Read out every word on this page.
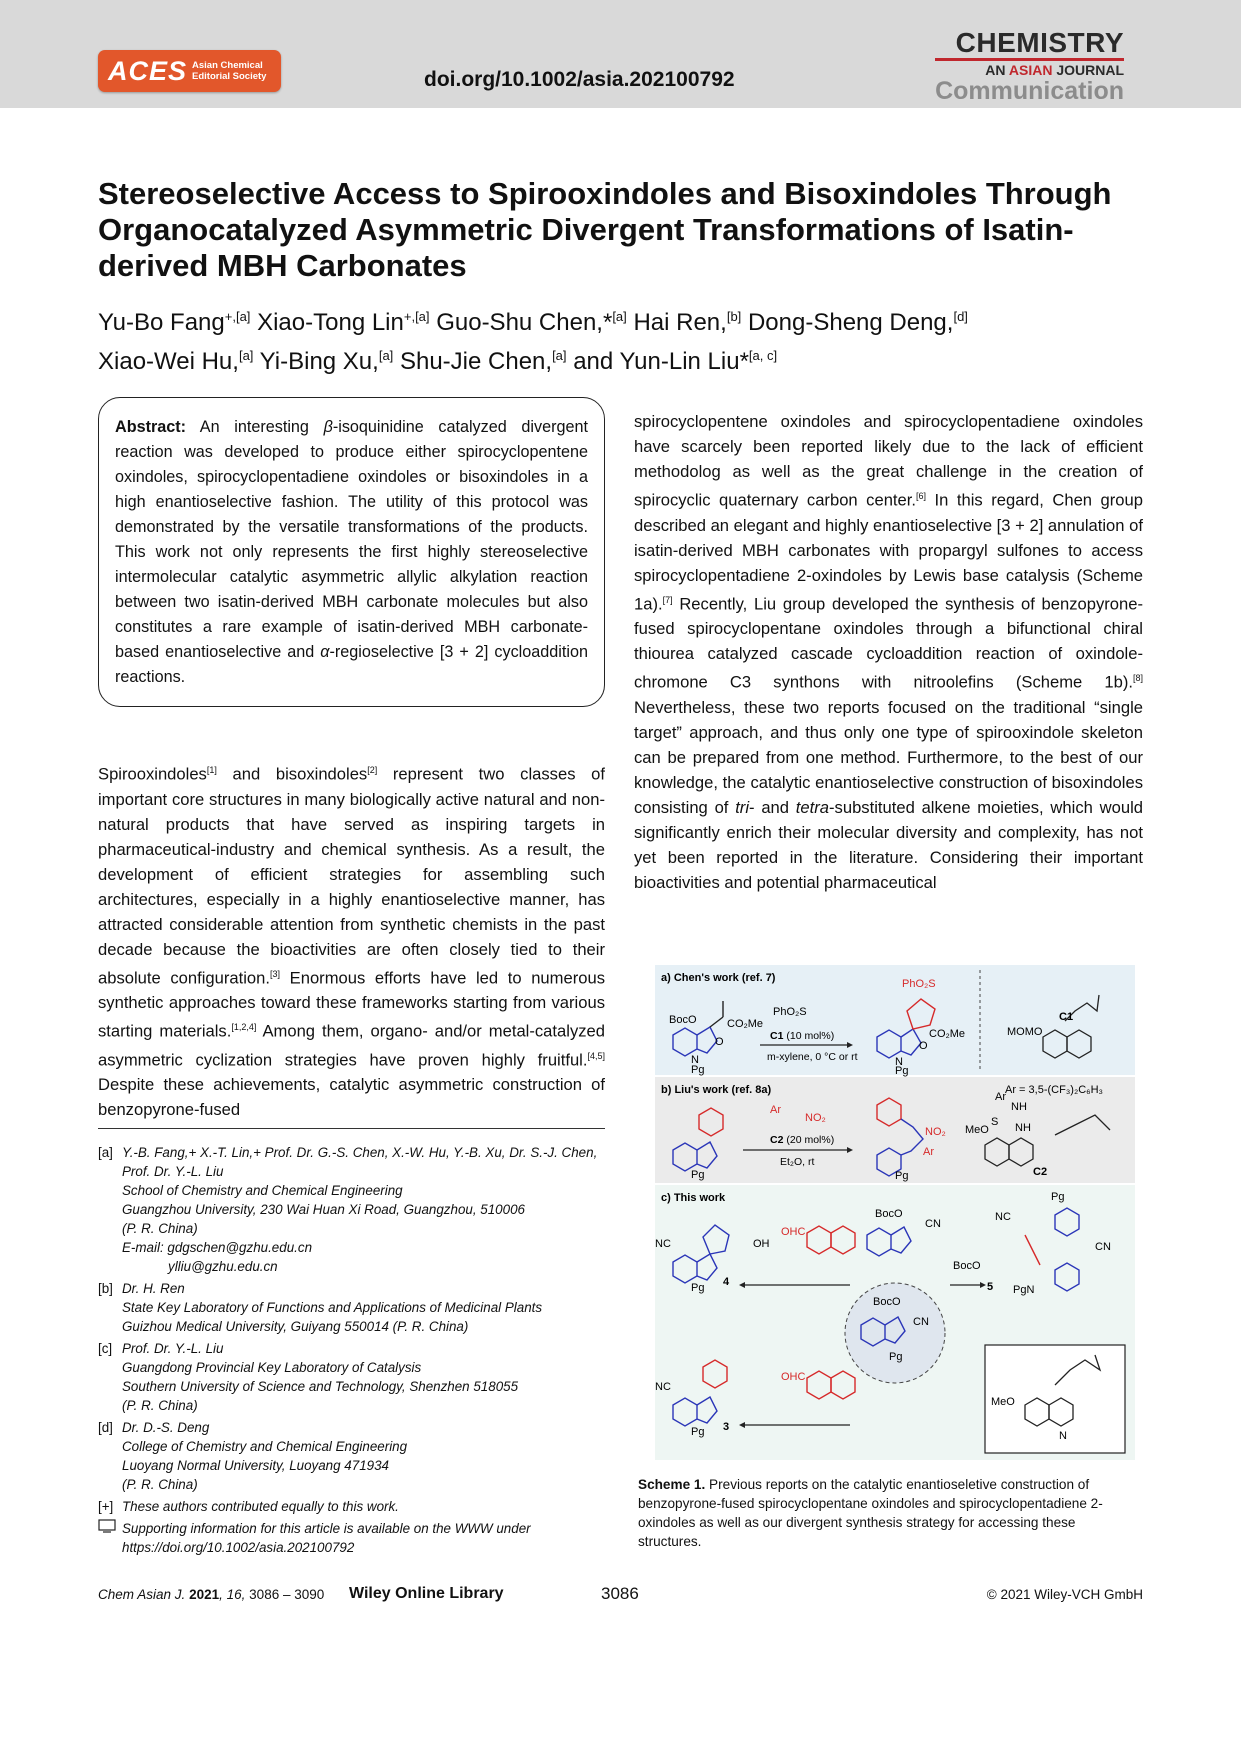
ACES Asian Chemical
Editorial Society	doi.org/10.1002/asia.202100792
CHEMISTRY
AN ASIAN JOURNAL
Communication
Stereoselective Access to Spirooxindoles and Bisoxindoles Through Organocatalyzed Asymmetric Divergent Transformations of Isatin-derived MBH Carbonates
Yu-Bo Fang$^{+,[a]}$ Xiao-Tong Lin$^{+,[a]}$ Guo-Shu Chen,*[a] Hai Ren,[b] Dong-Sheng Deng,[d]
Xiao-Wei Hu,[a] Yi-Bing Xu,[a] Shu-Jie Chen,[a] and Yun-Lin Liu*[a, c]
Abstract: An interesting β-isoquinidine catalyzed divergent reaction was developed to produce either spirocyclopentene oxindoles, spirocyclopentadiene oxindoles or bisoxindoles in a high enantioselective fashion. The utility of this protocol was demonstrated by the versatile transformations of the products. This work not only represents the first highly stereoselective intermolecular catalytic asymmetric allylic alkylation reaction between two isatin-derived MBH carbonate molecules but also constitutes a rare example of isatin-derived MBH carbonate-based enantioselective and α-regioselective [3 + 2] cycloaddition reactions.
Spirooxindoles[1] and bisoxindoles[2] represent two classes of important core structures in many biologically active natural and non-natural products that have served as inspiring targets in pharmaceutical-industry and chemical synthesis. As a result, the development of efficient strategies for assembling such architectures, especially in a highly enantioselective manner, has attracted considerable attention from synthetic chemists in the past decade because the bioactivities are often closely tied to their absolute configuration.[3] Enormous efforts have led to numerous synthetic approaches toward these frameworks starting from various starting materials.[1,2,4] Among them, organo- and/or metal-catalyzed asymmetric cyclization strategies have proven highly fruitful.[4,5] Despite these achievements, catalytic asymmetric construction of benzopyrone-fused
spirocyclopentene oxindoles and spirocyclopentadiene oxindoles have scarcely been reported likely due to the lack of efficient methodolog as well as the great challenge in the creation of spirocyclic quaternary carbon center.[6] In this regard, Chen group described an elegant and highly enantioselective [3 + 2] annulation of isatin-derived MBH carbonates with propargyl sulfones to access spirocyclopentadiene 2-oxindoles by Lewis base catalysis (Scheme 1a).[7] Recently, Liu group developed the synthesis of benzopyrone-fused spirocyclopentane oxindoles through a bifunctional chiral thiourea catalyzed cascade cycloaddition reaction of oxindole-chromone C3 synthons with nitroolefins (Scheme 1b).[8] Nevertheless, these two reports focused on the traditional “single target” approach, and thus only one type of spirooxindole skeleton can be prepared from one method. Furthermore, to the best of our knowledge, the catalytic enantioselective construction of bisoxindoles consisting of tri- and tetra-substituted alkene moieties, which would significantly enrich their molecular diversity and complexity, has not yet been reported in the literature. Considering their important bioactivities and potential pharmaceutical
[a] Y.-B. Fang,+ X.-T. Lin,+ Prof. Dr. G.-S. Chen, X.-W. Hu, Y.-B. Xu, Dr. S.-J. Chen,
Prof. Dr. Y.-L. Liu
School of Chemistry and Chemical Engineering
Guangzhou University, 230 Wai Huan Xi Road, Guangzhou, 510006
(P. R. China)
E-mail: gdgschen@gzhu.edu.cn
ylliu@gzhu.edu.cn
[b] Dr. H. Ren
State Key Laboratory of Functions and Applications of Medicinal Plants
Guizhou Medical University, Guiyang 550014 (P. R. China)
[c] Prof. Dr. Y.-L. Liu
Guangdong Provincial Key Laboratory of Catalysis
Southern University of Science and Technology, Shenzhen 518055
(P. R. China)
[d] Dr. D.-S. Deng
College of Chemistry and Chemical Engineering
Luoyang Normal University, Luoyang 471934
(P. R. China)
[+] These authors contributed equally to this work.
Supporting information for this article is available on the WWW under
https://doi.org/10.1002/asia.202100792
a) Chen's work (ref. 7)
BocO	CO₂Me
O
N
Pg
PhO₂S
C1 (10 mol%)
m-xylene, 0 °C or rt
PhO₂S
CO₂Me
O
N
Pg
MOMO
C1
b) Liu's work (ref. 8a)	Ar = 3,5-(CF₃)₂C₆H₃
Pg
Ar
NO₂
C2 (20 mol%)
Et₂O, rt
NO₂
Ar
Pg
MeO
Ar
NH
S NH
C2
c) This work
NC	OH
4
Pg
OHC
BocO
CN
Pg
NC
CN
BocO
PgN
5
BocO
CN
Pg
NC
3
Pg
OHC
MeO
N
Scheme 1. Previous reports on the catalytic enantioseletive construction of benzopyrone-fused spirocyclopentane oxindoles and spirocyclopentadiene 2-oxindoles as well as our divergent synthesis strategy for accessing these structures.
Chem Asian J. 2021, 16, 3086 – 3090 Wiley Online Library	3086	© 2021 Wiley-VCH GmbH
